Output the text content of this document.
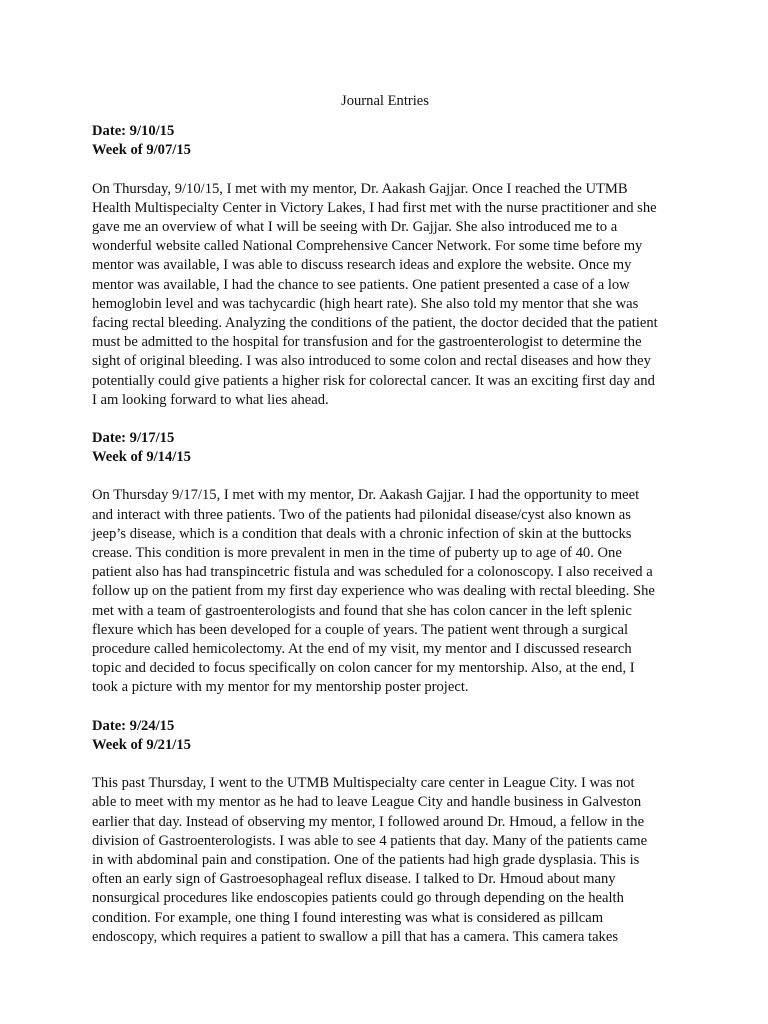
Journal Entries
Date: 9/10/15
Week of 9/07/15
On Thursday, 9/10/15, I met with my mentor, Dr. Aakash Gajjar. Once I reached the UTMB
Health Multispecialty Center in Victory Lakes, I had first met with the nurse practitioner and she
gave me an overview of what I will be seeing with Dr. Gajjar. She also introduced me to a
wonderful website called National Comprehensive Cancer Network. For some time before my
mentor was available, I was able to discuss research ideas and explore the website. Once my
mentor was available, I had the chance to see patients. One patient presented a case of a low
hemoglobin level and was tachycardic (high heart rate). She also told my mentor that she was
facing rectal bleeding. Analyzing the conditions of the patient, the doctor decided that the patient
must be admitted to the hospital for transfusion and for the gastroenterologist to determine the
sight of original bleeding. I was also introduced to some colon and rectal diseases and how they
potentially could give patients a higher risk for colorectal cancer. It was an exciting first day and
I am looking forward to what lies ahead.
Date: 9/17/15
Week of 9/14/15
On Thursday 9/17/15, I met with my mentor, Dr. Aakash Gajjar. I had the opportunity to meet
and interact with three patients. Two of the patients had pilonidal disease/cyst also known as
jeep’s disease, which is a condition that deals with a chronic infection of skin at the buttocks
crease. This condition is more prevalent in men in the time of puberty up to age of 40. One
patient also has had transpincetric fistula and was scheduled for a colonoscopy. I also received a
follow up on the patient from my first day experience who was dealing with rectal bleeding. She
met with a team of gastroenterologists and found that she has colon cancer in the left splenic
flexure which has been developed for a couple of years. The patient went through a surgical
procedure called hemicolectomy. At the end of my visit, my mentor and I discussed research
topic and decided to focus specifically on colon cancer for my mentorship. Also, at the end, I
took a picture with my mentor for my mentorship poster project.
Date: 9/24/15
Week of 9/21/15
This past Thursday, I went to the UTMB Multispecialty care center in League City. I was not
able to meet with my mentor as he had to leave League City and handle business in Galveston
earlier that day. Instead of observing my mentor, I followed around Dr. Hmoud, a fellow in the
division of Gastroenterologists. I was able to see 4 patients that day. Many of the patients came
in with abdominal pain and constipation. One of the patients had high grade dysplasia. This is
often an early sign of Gastroesophageal reflux disease. I talked to Dr. Hmoud about many
nonsurgical procedures like endoscopies patients could go through depending on the health
condition. For example, one thing I found interesting was what is considered as pillcam
endoscopy, which requires a patient to swallow a pill that has a camera. This camera takes
